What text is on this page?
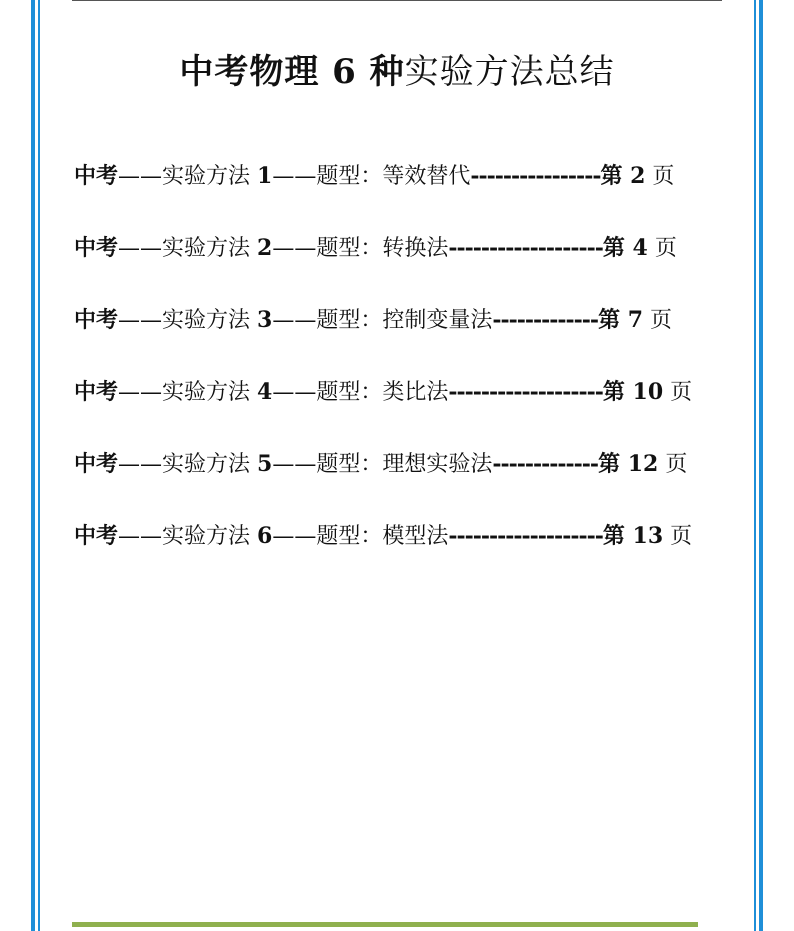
中考物理 6 种实验方法总结
中考——实验方法 1——题型：等效替代----------------第 2 页
中考——实验方法 2——题型：转换法-------------------第 4 页
中考——实验方法 3——题型：控制变量法-------------第 7 页
中考——实验方法 4——题型：类比法-------------------第 10 页
中考——实验方法 5——题型：理想实验法-------------第 12 页
中考——实验方法 6——题型：模型法-------------------第 13 页
